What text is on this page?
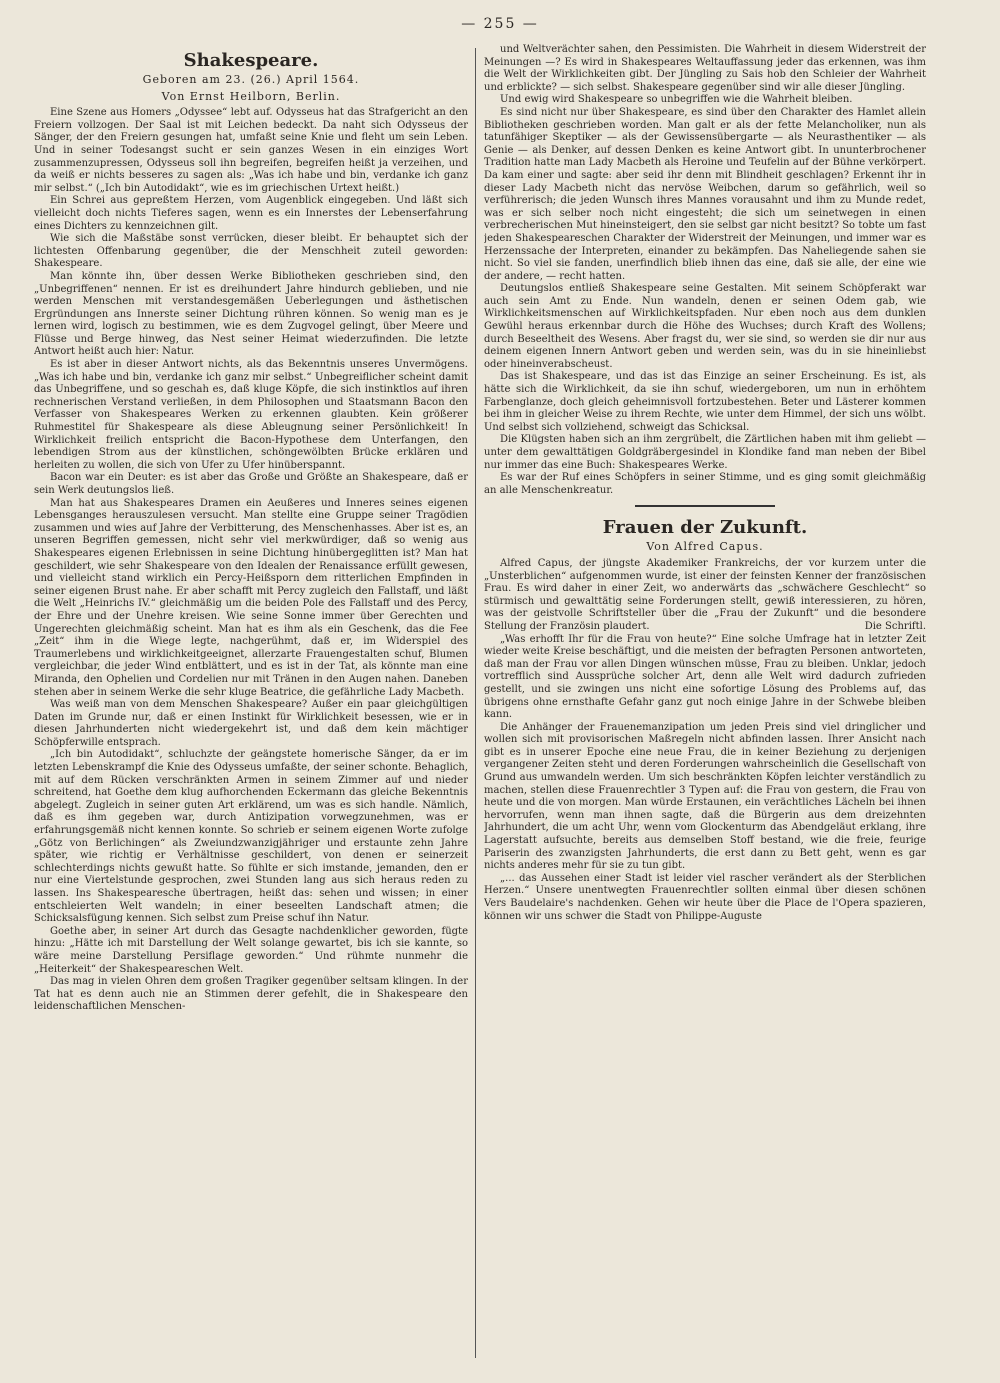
— 255 —
Shakespeare.
Geboren am 23. (26.) April 1564.
Von Ernst Heilborn, Berlin.

Eine Szene aus Homers „Odyssee“ lebt auf. Odysseus hat das Strafgericht an den Freiern vollzogen. Der Saal ist mit Leichen bedeckt. Da naht sich Odysseus der Sänger, der den Freiern gesungen hat, umfaßt seine Knie und fleht um sein Leben. Und in seiner Todesangst sucht er sein ganzes Wesen in ein einziges Wort zusammenzupressen, Odysseus soll ihn begreifen, begreifen heißt ja verzeihen, und da weiß er nichts besseres zu sagen als: „Was ich habe und bin, verdanke ich ganz mir selbst.“ („Ich bin Autodidakt“, wie es im griechischen Urtext heißt.)

Ein Schrei aus gepreßtem Herzen, vom Augenblick eingegeben. Und läßt sich vielleicht doch nichts Tieferes sagen, wenn es ein Innerstes der Lebenserfahrung eines Dichters zu kennzeichnen gilt.

Wie sich die Maßstäbe sonst verrücken, dieser bleibt. Er behauptet sich der lichtesten Offenbarung gegenüber, die der Menschheit zuteil geworden: Shakespeare.

Man könnte ihn, über dessen Werke Bibliotheken geschrieben sind, den „Unbegriffenen“ nennen. Er ist es dreihundert Jahre hindurch geblieben, und nie werden Menschen mit verstandesgemäßen Ueberlegungen und ästhetischen Ergründungen ans Innerste seiner Dichtung rühren können. So wenig man es je lernen wird, logisch zu bestimmen, wie es dem Zugvogel gelingt, über Meere und Flüsse und Berge hinweg, das Nest seiner Heimat wiederzufinden. Die letzte Antwort heißt auch hier: Natur.

Es ist aber in dieser Antwort nichts, als das Bekenntnis unseres Unvermögens. „Was ich habe und bin, verdanke ich ganz mir selbst.“ Unbegreiflicher scheint damit das Unbegriffene, und so geschah es, daß kluge Köpfe, die sich instinktlos auf ihren rechnerischen Verstand verließen, in dem Philosophen und Staatsmann Bacon den Verfasser von Shakespeares Werken zu erkennen glaubten. Kein größerer Ruhmestitel für Shakespeare als diese Ableugnung seiner Persönlichkeit! In Wirklichkeit freilich entspricht die Bacon-Hypothese dem Unterfangen, den lebendigen Strom aus der künstlichen, schöngewölbten Brücke erklären und herleiten zu wollen, die sich von Ufer zu Ufer hinüberspannt.

Bacon war ein Deuter: es ist aber das Große und Größte an Shakespeare, daß er sein Werk deutungslos ließ.

Man hat aus Shakespeares Dramen ein Aeußeres und Inneres seines eigenen Lebensganges herauszulesen versucht. Man stellte eine Gruppe seiner Tragödien zusammen und wies auf Jahre der Verbitterung, des Menschenhasses. Aber ist es, an unseren Begriffen gemessen, nicht sehr viel merkwürdiger, daß so wenig aus Shakespeares eigenen Erlebnissen in seine Dichtung hinübergeglitten ist? Man hat geschildert, wie sehr Shakespeare von den Idealen der Renaissance erfüllt gewesen, und vielleicht stand wirklich ein Percy-Heißsporn dem ritterlichen Empfinden in seiner eigenen Brust nahe. Er aber schafft mit Percy zugleich den Fallstaff, und läßt die Welt „Heinrichs IV.“ gleichmäßig um die beiden Pole des Fallstaff und des Percy, der Ehre und der Unehre kreisen. Wie seine Sonne immer über Gerechten und Ungerechten gleichmäßig scheint. Man hat es ihm als ein Geschenk, das die Fee „Zeit“ ihm in die Wiege legte, nachgerühmt, daß er, im Widerspiel des Traumerlebens und wirklichkeitgeeignet, allerzarte Frauengestalten schuf, Blumen vergleichbar, die jeder Wind entblättert, und es ist in der Tat, als könnte man eine Miranda, den Ophelien und Cordelien nur mit Tränen in den Augen nahen. Daneben stehen aber in seinem Werke die sehr kluge Beatrice, die gefährliche Lady Macbeth.

Was weiß man von dem Menschen Shakespeare? Außer ein paar gleichgültigen Daten im Grunde nur, daß er einen Instinkt für Wirklichkeit besessen, wie er in diesen Jahrhunderten nicht wiedergekehrt ist, und daß dem kein mächtiger Schöpferwille entsprach.

„Ich bin Autodidakt“, schluchzte der geängstete homerische Sänger, da er im letzten Lebenskrampf die Knie des Odysseus umfaßte, der seiner schonte. Behaglich, mit auf dem Rücken verschränkten Armen in seinem Zimmer auf und nieder schreitend, hat Goethe dem klug aufhorchenden Eckermann das gleiche Bekenntnis abgelegt. Zugleich in seiner guten Art erklärend, um was es sich handle. Nämlich, daß es ihm gegeben war, durch Antizipation vorwegzunehmen, was er erfahrungsgemäß nicht kennen konnte. So schrieb er seinem eigenen Worte zufolge „Götz von Berlichingen“ als Zweiundzwanzigjähriger und erstaunte zehn Jahre später, wie richtig er Verhältnisse geschildert, von denen er seinerzeit schlechterdings nichts gewußt hatte. So fühlte er sich imstande, jemanden, den er nur eine Viertelstunde gesprochen, zwei Stunden lang aus sich heraus reden zu lassen. Ins Shakespearesche übertragen, heißt das: sehen und wissen; in einer entschleierten Welt wandeln; in einer beseelten Landschaft atmen; die Schicksalsfügung kennen. Sich selbst zum Preise schuf ihn Natur.

Goethe aber, in seiner Art durch das Gesagte nachdenklicher geworden, fügte hinzu: „Hätte ich mit Darstellung der Welt solange gewartet, bis ich sie kannte, so wäre meine Darstellung Persiflage geworden.“ Und rühmte nunmehr die „Heiterkeit“ der Shakespeareschen Welt.

Das mag in vielen Ohren dem großen Tragiker gegenüber seltsam klingen. In der Tat hat es denn auch nie an Stimmen derer gefehlt, die in Shakespeare den leidenschaftlichen Menschen-

und Weltverächter sahen, den Pessimisten. Die Wahrheit in diesem Widerstreit der Meinungen —? Es wird in Shakespeares Weltauffassung jeder das erkennen, was ihm die Welt der Wirklichkeiten gibt. Der Jüngling zu Sais hob den Schleier der Wahrheit und erblickte? — sich selbst. Shakespeare gegenüber sind wir alle dieser Jüngling.

Und ewig wird Shakespeare so unbegriffen wie die Wahrheit bleiben.

Es sind nicht nur über Shakespeare, es sind über den Charakter des Hamlet allein Bibliotheken geschrieben worden. Man galt er als der fette Melancholiker, nun als tatunfähiger Skeptiker — als der Gewissensübergarte — als Neurasthentiker — als Genie — als Denker, auf dessen Denken es keine Antwort gibt. In ununterbrochener Tradition hatte man Lady Macbeth als Heroine und Teufelin auf der Bühne verkörpert. Da kam einer und sagte: aber seid ihr denn mit Blindheit geschlagen? Erkennt ihr in dieser Lady Macbeth nicht das nervöse Weibchen, darum so gefährlich, weil so verführerisch; die jeden Wunsch ihres Mannes vorausahnt und ihm zu Munde redet, was er sich selber noch nicht eingesteht; die sich um seinetwegen in einen verbrecherischen Mut hineinsteigert, den sie selbst gar nicht besitzt? So tobte um fast jeden Shakespeareschen Charakter der Widerstreit der Meinungen, und immer war es Herzenssache der Interpreten, einander zu bekämpfen. Das Naheliegende sahen sie nicht. So viel sie fanden, unerfindlich blieb ihnen das eine, daß sie alle, der eine wie der andere, — recht hatten.

Deutungslos entließ Shakespeare seine Gestalten. Mit seinem Schöpferakt war auch sein Amt zu Ende. Nun wandeln, denen er seinen Odem gab, wie Wirklichkeitsmenschen auf Wirklichkeitspfaden. Nur eben noch aus dem dunklen Gewühl heraus erkennbar durch die Höhe des Wuchses; durch Kraft des Wollens; durch Beseeltheit des Wesens. Aber fragst du, wer sie sind, so werden sie dir nur aus deinem eigenen Innern Antwort geben und werden sein, was du in sie hineinliebst oder hineinverabscheust.

Das ist Shakespeare, und das ist das Einzige an seiner Erscheinung. Es ist, als hätte sich die Wirklichkeit, da sie ihn schuf, wiedergeboren, um nun in erhöhtem Farbenglanze, doch gleich geheimnisvoll fortzubestehen. Beter und Lästerer kommen bei ihm in gleicher Weise zu ihrem Rechte, wie unter dem Himmel, der sich uns wölbt. Und selbst sich vollziehend, schweigt das Schicksal.

Die Klügsten haben sich an ihm zergrübelt, die Zärtlichen haben mit ihm geliebt — unter dem gewalttätigen Goldgräbergesindel in Klondike fand man neben der Bibel nur immer das eine Buch: Shakespeares Werke.

Es war der Ruf eines Schöpfers in seiner Stimme, und es ging somit gleichmäßig an alle Menschenkreatur.

Frauen der Zukunft.
Von Alfred Capus.

Alfred Capus, der jüngste Akademiker Frankreichs, der vor kurzem unter die „Unsterblichen“ aufgenommen wurde, ist einer der feinsten Kenner der französischen Frau. Es wird daher in einer Zeit, wo anderwärts das „schwächere Geschlecht“ so stürmisch und gewalttätig seine Forderungen stellt, gewiß interessieren, zu hören, was der geistvolle Schriftsteller über die „Frau der Zukunft“ und die besondere Stellung der Französin plaudert.	Die Schriftl.

„Was erhofft Ihr für die Frau von heute?“ Eine solche Umfrage hat in letzter Zeit wieder weite Kreise beschäftigt, und die meisten der befragten Personen antworteten, daß man der Frau vor allen Dingen wünschen müsse, Frau zu bleiben. Unklar, jedoch vortrefflich sind Aussprüche solcher Art, denn alle Welt wird dadurch zufrieden gestellt, und sie zwingen uns nicht eine sofortige Lösung des Problems auf, das übrigens ohne ernsthafte Gefahr ganz gut noch einige Jahre in der Schwebe bleiben kann.

Die Anhänger der Frauenemanzipation um jeden Preis sind viel dringlicher und wollen sich mit provisorischen Maßregeln nicht abfinden lassen. Ihrer Ansicht nach gibt es in unserer Epoche eine neue Frau, die in keiner Beziehung zu derjenigen vergangener Zeiten steht und deren Forderungen wahrscheinlich die Gesellschaft von Grund aus umwandeln werden. Um sich beschränkten Köpfen leichter verständlich zu machen, stellen diese Frauenrechtler 3 Typen auf: die Frau von gestern, die Frau von heute und die von morgen. Man würde Erstaunen, ein verächtliches Lächeln bei ihnen hervorrufen, wenn man ihnen sagte, daß die Bürgerin aus dem dreizehnten Jahrhundert, die um acht Uhr, wenn vom Glockenturm das Abendgeläut erklang, ihre Lagerstatt aufsuchte, bereits aus demselben Stoff bestand, wie die freie, feurige Pariserin des zwanzigsten Jahrhunderts, die erst dann zu Bett geht, wenn es gar nichts anderes mehr für sie zu tun gibt.

„... das Aussehen einer Stadt ist leider viel rascher verändert als der Sterblichen Herzen.“ Unsere unentwegten Frauenrechtler sollten einmal über diesen schönen Vers Baudelaire's nachdenken. Gehen wir heute über die Place de l'Opera spazieren, können wir uns schwer die Stadt von Philippe-Auguste
